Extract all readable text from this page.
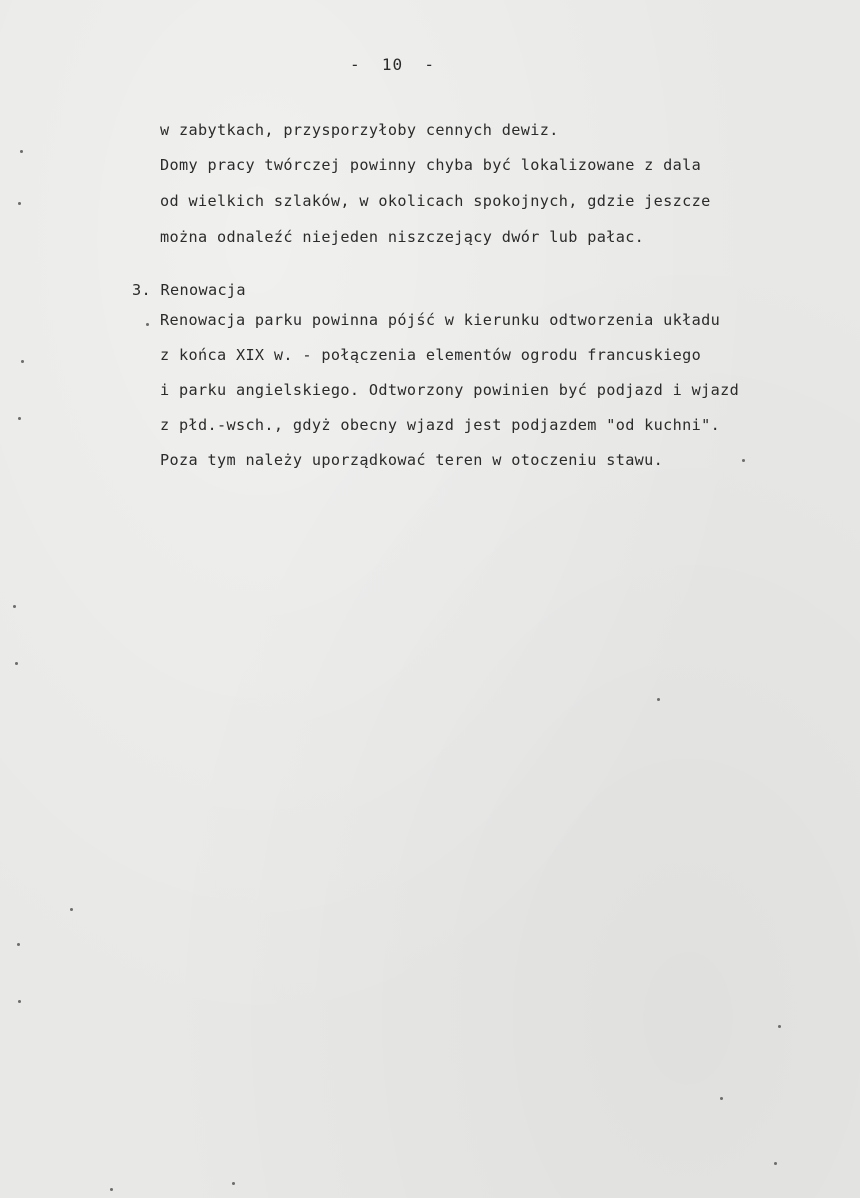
-  10  -
w zabytkach, przysporzyłoby cennych dewiz.
Domy pracy twórczej powinny chyba być lokalizowane z dala
od wielkich szlaków, w okolicach spokojnych, gdzie jeszcze
można odnaleźć niejeden niszczejący dwór lub pałac.
3. Renowacja
Renowacja parku powinna pójść w kierunku odtworzenia układu
z końca XIX w. - połączenia elementów ogrodu francuskiego
i parku angielskiego. Odtworzony powinien być podjazd i wjazd
z płd.-wsch., gdyż obecny wjazd jest podjazdem "od kuchni".
Poza tym należy uporządkować teren w otoczeniu stawu.
